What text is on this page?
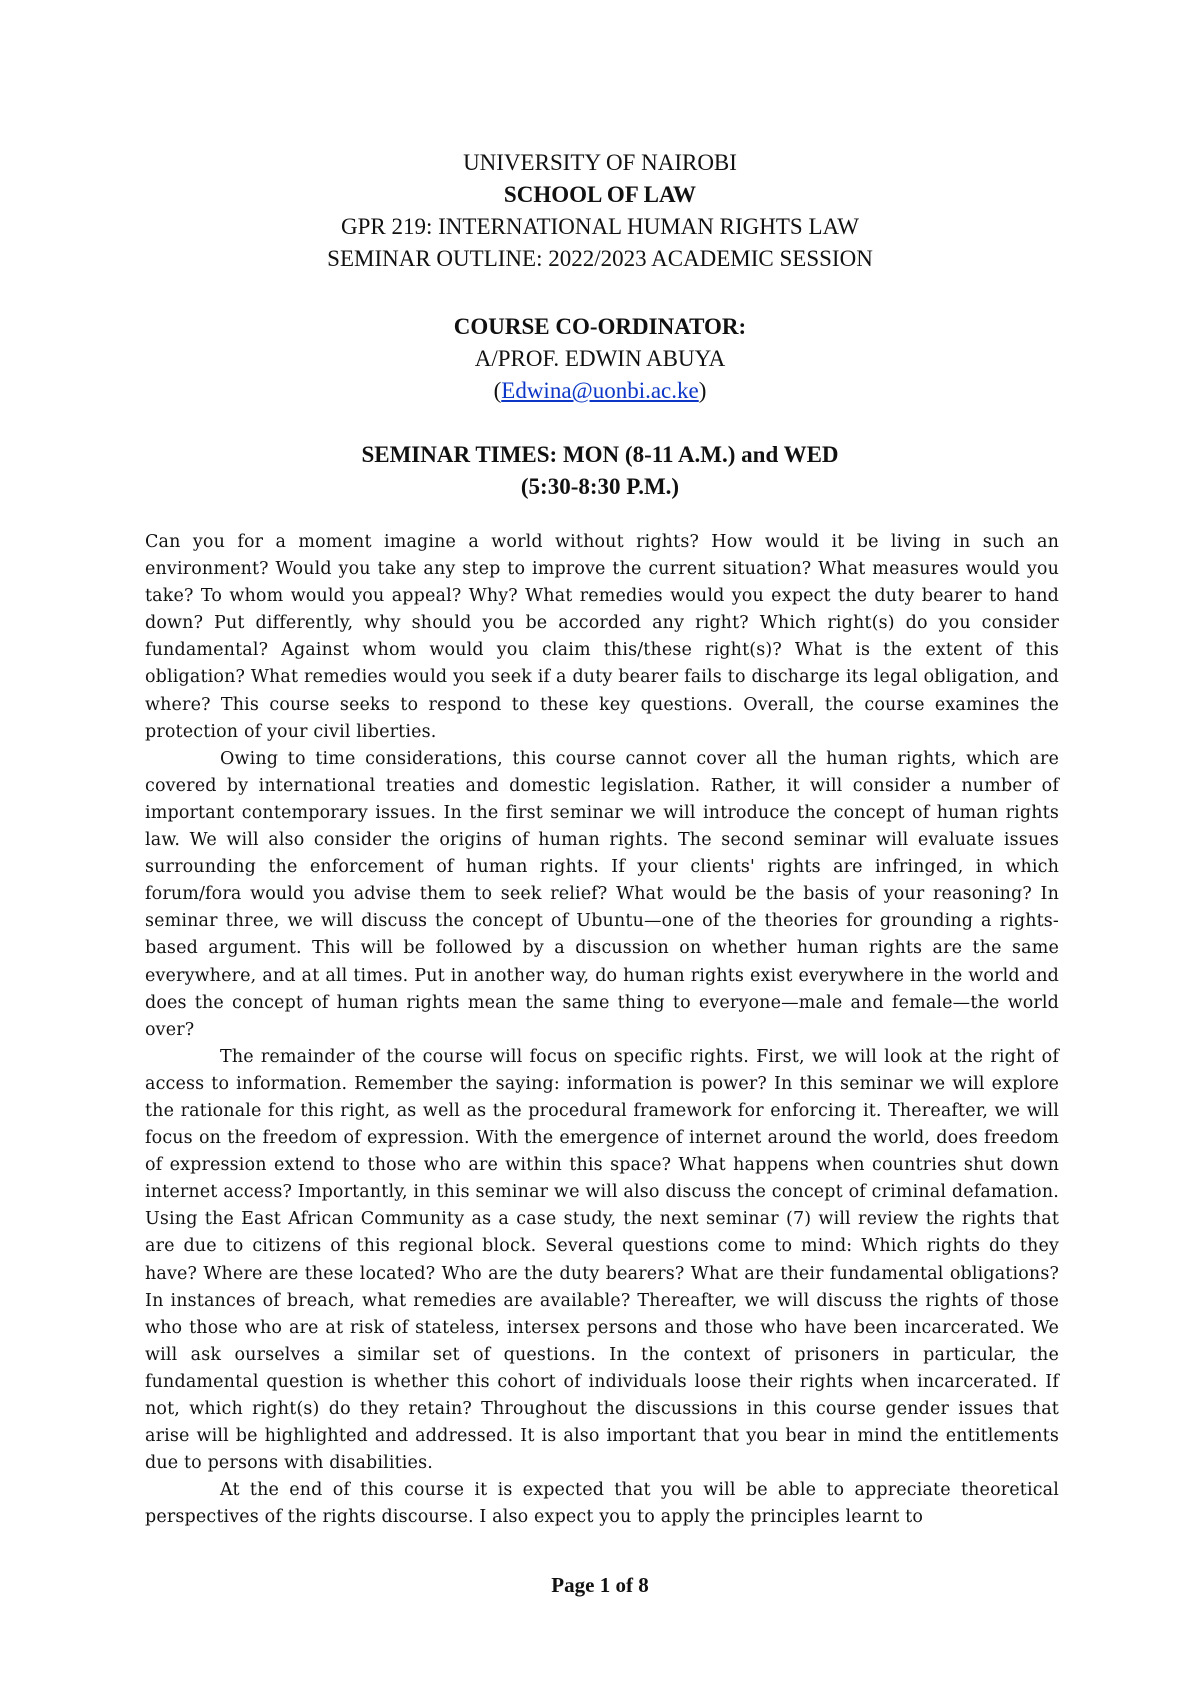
UNIVERSITY OF NAIROBI
SCHOOL OF LAW
GPR 219: INTERNATIONAL HUMAN RIGHTS LAW
SEMINAR OUTLINE: 2022/2023 ACADEMIC SESSION
COURSE CO-ORDINATOR:
A/PROF. EDWIN ABUYA
(Edwina@uonbi.ac.ke)
SEMINAR TIMES: MON (8-11 A.M.) and WED
(5:30-8:30 P.M.)

Can you for a moment imagine a world without rights? How would it be living in such an environment? Would you take any step to improve the current situation? What measures would you take? To whom would you appeal? Why? What remedies would you expect the duty bearer to hand down? Put differently, why should you be accorded any right? Which right(s) do you consider fundamental? Against whom would you claim this/these right(s)? What is the extent of this obligation? What remedies would you seek if a duty bearer fails to discharge its legal obligation, and where? This course seeks to respond to these key questions. Overall, the course examines the protection of your civil liberties.

Owing to time considerations, this course cannot cover all the human rights, which are covered by international treaties and domestic legislation. Rather, it will consider a number of important contemporary issues. In the first seminar we will introduce the concept of human rights law. We will also consider the origins of human rights. The second seminar will evaluate issues surrounding the enforcement of human rights. If your clients' rights are infringed, in which forum/fora would you advise them to seek relief? What would be the basis of your reasoning? In seminar three, we will discuss the concept of Ubuntu—one of the theories for grounding a rights-based argument. This will be followed by a discussion on whether human rights are the same everywhere, and at all times. Put in another way, do human rights exist everywhere in the world and does the concept of human rights mean the same thing to everyone—male and female—the world over?

The remainder of the course will focus on specific rights. First, we will look at the right of access to information. Remember the saying: information is power? In this seminar we will explore the rationale for this right, as well as the procedural framework for enforcing it. Thereafter, we will focus on the freedom of expression. With the emergence of internet around the world, does freedom of expression extend to those who are within this space? What happens when countries shut down internet access? Importantly, in this seminar we will also discuss the concept of criminal defamation. Using the East African Community as a case study, the next seminar (7) will review the rights that are due to citizens of this regional block. Several questions come to mind: Which rights do they have? Where are these located? Who are the duty bearers? What are their fundamental obligations? In instances of breach, what remedies are available? Thereafter, we will discuss the rights of those who those who are at risk of stateless, intersex persons and those who have been incarcerated. We will ask ourselves a similar set of questions. In the context of prisoners in particular, the fundamental question is whether this cohort of individuals loose their rights when incarcerated. If not, which right(s) do they retain? Throughout the discussions in this course gender issues that arise will be highlighted and addressed. It is also important that you bear in mind the entitlements due to persons with disabilities.

At the end of this course it is expected that you will be able to appreciate theoretical perspectives of the rights discourse. I also expect you to apply the principles learnt to

Page 1 of 8
